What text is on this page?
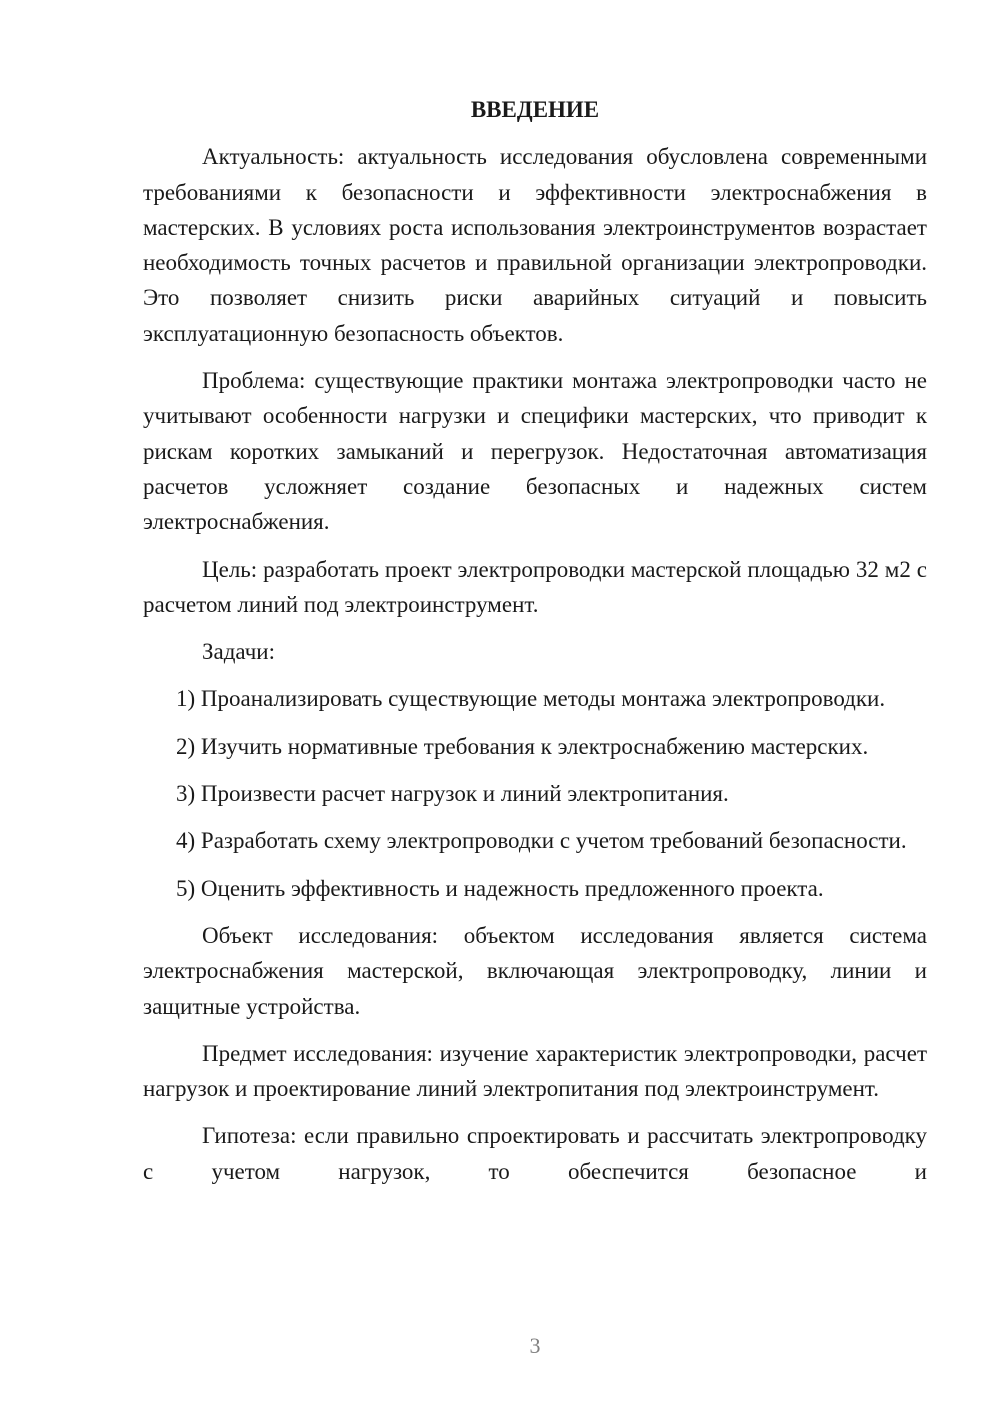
ВВЕДЕНИЕ

Актуальность: актуальность исследования обусловлена современными требованиями к безопасности и эффективности электроснабжения в мастерских. В условиях роста использования электроинструментов возрастает необходимость точных расчетов и правильной организации электропроводки. Это позволяет снизить риски аварийных ситуаций и повысить эксплуатационную безопасность объектов.

Проблема: существующие практики монтажа электропроводки часто не учитывают особенности нагрузки и специфики мастерских, что приводит к рискам коротких замыканий и перегрузок. Недостаточная автоматизация расчетов усложняет создание безопасных и надежных систем электроснабжения.

Цель: разработать проект электропроводки мастерской площадью 32 м2 с расчетом линий под электроинструмент.

Задачи:

1) Проанализировать существующие методы монтажа электропроводки.

2) Изучить нормативные требования к электроснабжению мастерских.

3) Произвести расчет нагрузок и линий электропитания.

4) Разработать схему электропроводки с учетом требований безопасности.

5) Оценить эффективность и надежность предложенного проекта.

Объект исследования: объектом исследования является система электроснабжения мастерской, включающая электропроводку, линии и защитные устройства.

Предмет исследования: изучение характеристик электропроводки, расчет нагрузок и проектирование линий электропитания под электроинструмент.

Гипотеза: если правильно спроектировать и рассчитать электропроводку с учетом нагрузок, то обеспечится безопасное и

3
